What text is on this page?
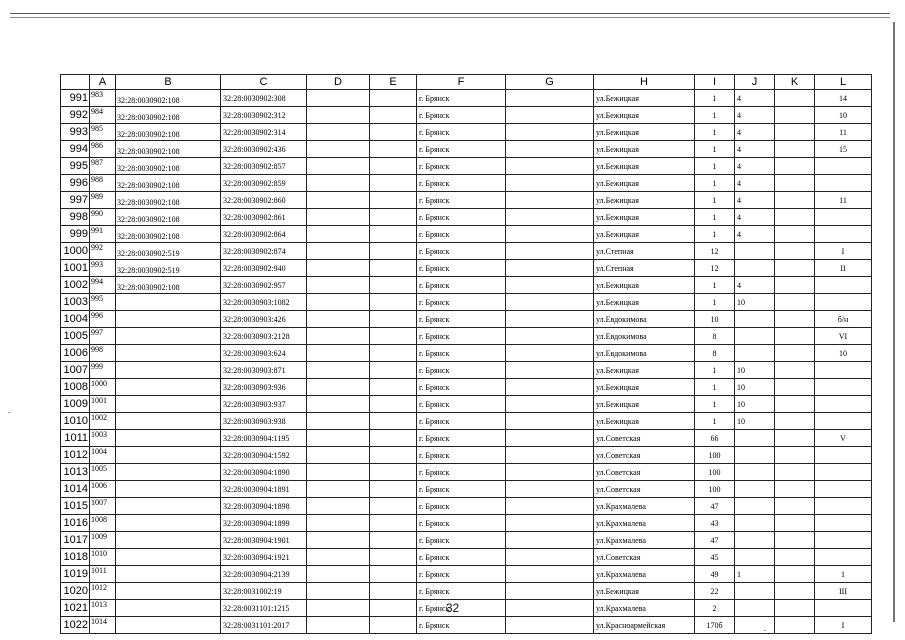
	A	B	C	D	E	F	G	H	I	J	K	L
991	983	32:28:0030902:108	32:28:0030902:308			г. Брянск		ул.Бежицкая	1	4		14
992	984	32:28:0030902:108	32:28:0030902:312			г. Брянск		ул.Бежицкая	1	4		10
993	985	32:28:0030902:108	32:28:0030902:314			г. Брянск		ул.Бежицкая	1	4		11
994	986	32:28:0030902:108	32:28:0030902:436			г. Брянск		ул.Бежицкая	1	4		15
995	987	32:28:0030902:108	32:28:0030902:857			г. Брянск		ул.Бежицкая	1	4		
996	988	32:28:0030902:108	32:28:0030902:859			г. Брянск		ул.Бежицкая	1	4		
997	989	32:28:0030902:108	32:28:0030902:860			г. Брянск		ул.Бежицкая	1	4		11
998	990	32:28:0030902:108	32:28:0030902:861			г. Брянск		ул.Бежицкая	1	4		
999	991	32:28:0030902:108	32:28:0030902:864			г. Брянск		ул.Бежицкая	1	4		
1000	992	32:28:0030902:519	32:28:0030902:874			г. Брянск		ул.Степная	12			I
1001	993	32:28:0030902:519	32:28:0030902:940			г. Брянск		ул.Степная	12			II
1002	994	32:28:0030902:108	32:28:0030902:957			г. Брянск		ул.Бежицкая	1	4		
1003	995		32:28:0030903:1082			г. Брянск		ул.Бежицкая	1	10		
1004	996		32:28:0030903:426			г. Брянск		ул.Евдокимова	10			б/н
1005	997		32:28:0030903:2128			г. Брянск		ул.Евдокимова	8			VI
1006	998		32:28:0030903:624			г. Брянск		ул.Евдокимова	8			10
1007	999		32:28:0030903:871			г. Брянск		ул.Бежицкая	1	10		
1008	1000		32:28:0030903:936			г. Брянск		ул.Бежицкая	1	10		
1009	1001		32:28:0030903:937			г. Брянск		ул.Бежицкая	1	10		
1010	1002		32:28:0030903:938			г. Брянск		ул.Бежицкая	1	10		
1011	1003		32:28:0030904:1195			г. Брянск		ул.Советская	66			V
1012	1004		32:28:0030904:1592			г. Брянск		ул.Советская	100			
1013	1005		32:28:0030904:1890			г. Брянск		ул.Советская	100			
1014	1006		32:28:0030904:1891			г. Брянск		ул.Советская	100			
1015	1007		32:28:0030904:1898			г. Брянск		ул.Крахмалева	47			
1016	1008		32:28:0030904:1899			г. Брянск		ул.Крахмалева	43			
1017	1009		32:28:0030904:1901			г. Брянск		ул.Крахмалева	47			
1018	1010		32:28:0030904:1921			г. Брянск		ул.Советская	45			
1019	1011		32:28:0030904:2139			г. Брянск		ул.Крахмалева	49	1		1
1020	1012		32:28:0031002:19			г. Брянск		ул.Бежицкая	22			III
1021	1013		32:28:0031101:1215			г. Брянск		ул.Крахмалева	2			
1022	1014		32:28:0031101:2017			г. Брянск		ул.Красноармейская	170б			I
32
